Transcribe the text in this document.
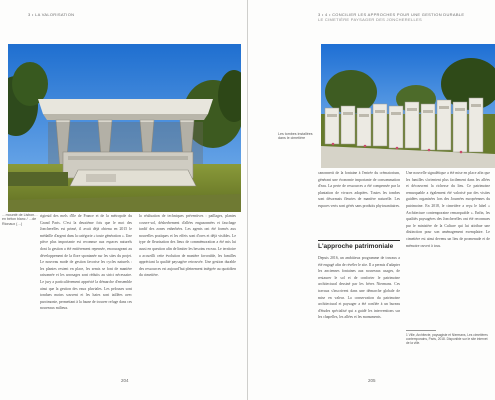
3 • LA VALORISATION
…mounté de Lisbon… en béton blanc / …de Rionaux (…)
rigiesid des mels d'île de France et de la métropole du Grand Paris. C'est la deuxième fois que le mot des Joncherelles est primé, il avait déjà obtenu en 2015 le médaille d'argent dans la catégorie « toute génération ». Une pièce plus importante est reconnue aux espaces naturels dont la gestion a été entièrement repensée, encourageant au développement de la flore spontanée sur les sites du projet. Le nouveau mode de gestion favorise les cycles naturels : les plantes restent en place, les semis se font de manière raisonnée et les arrosages sont réduits au strict nécessaire. Le jury a particulièrement apprécié la démarche d'ensemble ainsi que la gestion des eaux pluviales. Les pelouses sont tondues moins souvent et les haies sont taillées avec parcimonie, permettant à la faune de trouver refuge dans ces nouveaux milieux.
la réalisation de techniques préventives : paillages, plantes couvre-sol, désherbement d'allées engazonnées et fauchage tardif des zones enherbées. Les agents ont été formés aux nouvelles pratiques et les effets sont d'ores et déjà visibles. Le type de fleurisation des lieux de commémoration a été mis lui aussi en question afin de limiter les besoins en eau. Le territoire a accueilli cette évolution de manière favorable, les familles appréciant la qualité paysagère retrouvée. Une gestion durable des ressources est aujourd'hui pleinement intégrée au quotidien du cimetière.
204
3 • 4 • CONCILIER LES APPROCHES POUR UNE GESTION DURABLE
LE CIMETIÈRE PAYSAGER DES JONCHERELLES
Les tombes installées dans le cimetière
canonnerit de la fontaine à l'entrée du crématorium, générant une économie importante de consommation d'eau. La perte de ressources a été compensée par la plantation de vivaces adaptées. Toutes les tombes sont désormais fleuries de manière naturelle. Les espaces verts sont gérés sans produits phytosanitaires.
L'approche patrimoniale
Depuis 2016, un ambitieux programme de travaux a été engagé afin de révéler le site. Il a permis d'adapter les anciennes fontaines aux nouveaux usages, de restaurer le sol et de conforter le patrimoine architectural dessiné par les frères Niermans. Ces travaux s'inscrivent dans une démarche globale de mise en valeur. La conservation du patrimoine architectural et paysager a été confiée à un bureau d'études spécialisé qui a guidé les interventions sur les chapelles, les allées et les monuments.
Une nouvelle signalétique a été mise en place afin que les familles s'orientent plus facilement dans les allées et découvrent la richesse du lieu. Ce patrimoine remarquable a également été valorisé par des visites guidées organisées lors des Journées européennes du patrimoine. En 2018, le cimetière a reçu le label « Architecture contemporaine remarquable ». Enfin, les qualités paysagères des Joncherelles ont été reconnues par le ministère de la Culture qui lui attribue une distinction pour son aménagement exemplaire. Le cimetière est ainsi devenu un lieu de promenade et de mémoire ouvert à tous.
1 Ville, Architecte, paysagiste et Niermans, Les cimetières contemporains, Paris, 2018. Disponible sur le site internet de la ville.
205
